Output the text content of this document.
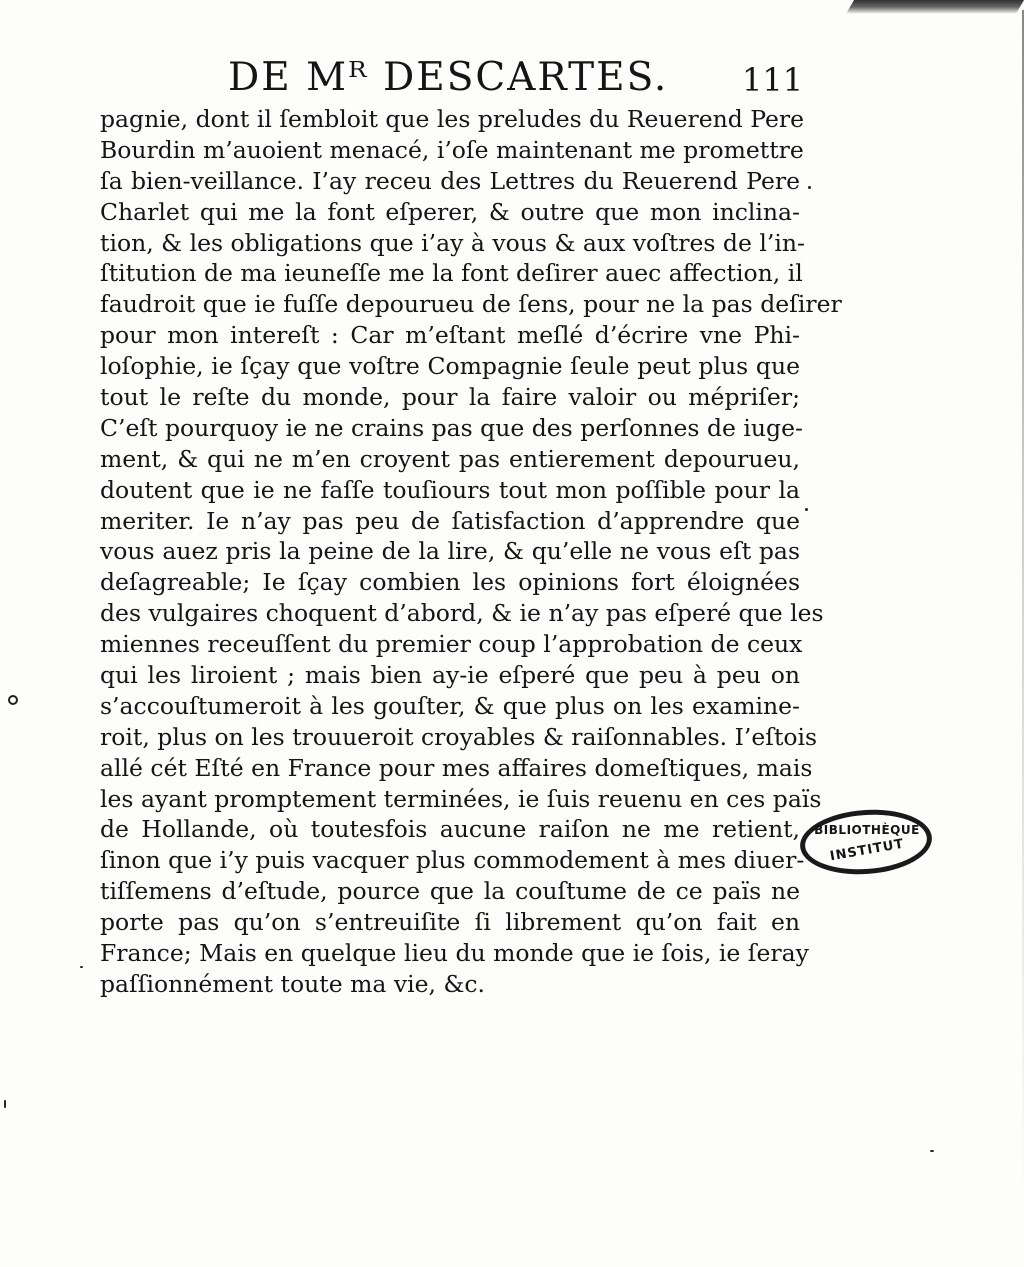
DE Mᴿ DESCARTES. 111
pagnie, dont il ſembloit que les preludes du Reuerend Pere
Bourdin m’auoient menacé, i’oſe maintenant me promettre
ſa bien-veillance. I’ay receu des Lettres du Reuerend Pere
Charlet qui me la font eſperer, & outre que mon inclina-
tion, & les obligations que i’ay à vous & aux voſtres de l’in-
ſtitution de ma ieuneſſe me la font deſirer auec affection, il
faudroit que ie fuſſe depourueu de ſens, pour ne la pas deſirer
pour mon intereſt : Car m’eſtant meſlé d’écrire vne Phi-
loſophie, ie ſçay que voſtre Compagnie ſeule peut plus que
tout le reſte du monde, pour la faire valoir ou mépriſer;
C’eſt pourquoy ie ne crains pas que des perſonnes de iuge-
ment, & qui ne m’en croyent pas entierement depourueu,
doutent que ie ne faſſe touſiours tout mon poſſible pour la
meriter. Ie n’ay pas peu de ſatisfaction d’apprendre que
vous auez pris la peine de la lire, & qu’elle ne vous eſt pas
deſagreable; Ie ſçay combien les opinions fort éloignées
des vulgaires choquent d’abord, & ie n’ay pas eſperé que les
miennes receuſſent du premier coup l’approbation de ceux
qui les liroient ; mais bien ay-ie eſperé que peu à peu on
s’accouſtumeroit à les gouſter, & que plus on les examine-
roit, plus on les trouueroit croyables & raiſonnables. I’eſtois
allé cét Eſté en France pour mes affaires domeſtiques, mais
les ayant promptement terminées, ie ſuis reuenu en ces païs
de Hollande, où toutesfois aucune raiſon ne me retient,
ſinon que i’y puis vacquer plus commodement à mes diuer-
tiſſemens d’eſtude, pource que la couſtume de ce païs ne
porte pas qu’on s’entreuiſite ſi librement qu’on fait en
France; Mais en quelque lieu du monde que ie ſois, ie ſeray
paſſionnément toute ma vie, &c.
BIBLIOTHÈQUE
INSTITUT
